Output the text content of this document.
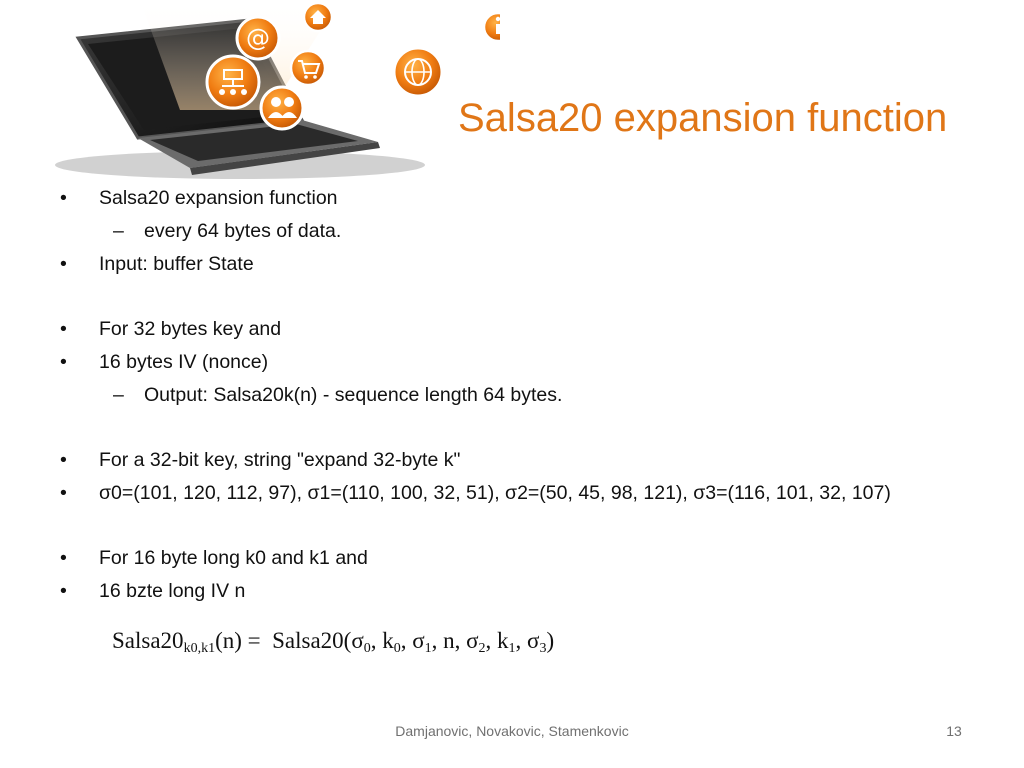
@
Salsa20 expansion function
•	Salsa20 expansion function
– every 64 bytes of data.
•	Input: buffer State
•	For 32 bytes key and
•	16 bytes IV (nonce)
– Output: Salsa20k(n) - sequence length 64 bytes.
•	For a 32-bit key, string "expand 32-byte k"
•	σ0=(101, 120, 112, 97), σ1=(110, 100, 32, 51), σ2=(50, 45, 98, 121), σ3=(116, 101, 32, 107)
•	For 16 byte long k0 and k1 and
•	16 bzte long IV n
$Salsa20_{k0,k1}(n)$ = $Salsa20(\sigma_0$, $k_0$, $\sigma_1$, n, $\sigma_2$, $k_1$, $\sigma_3$)
Damjanovic, Novakovic, Stamenkovic	13
